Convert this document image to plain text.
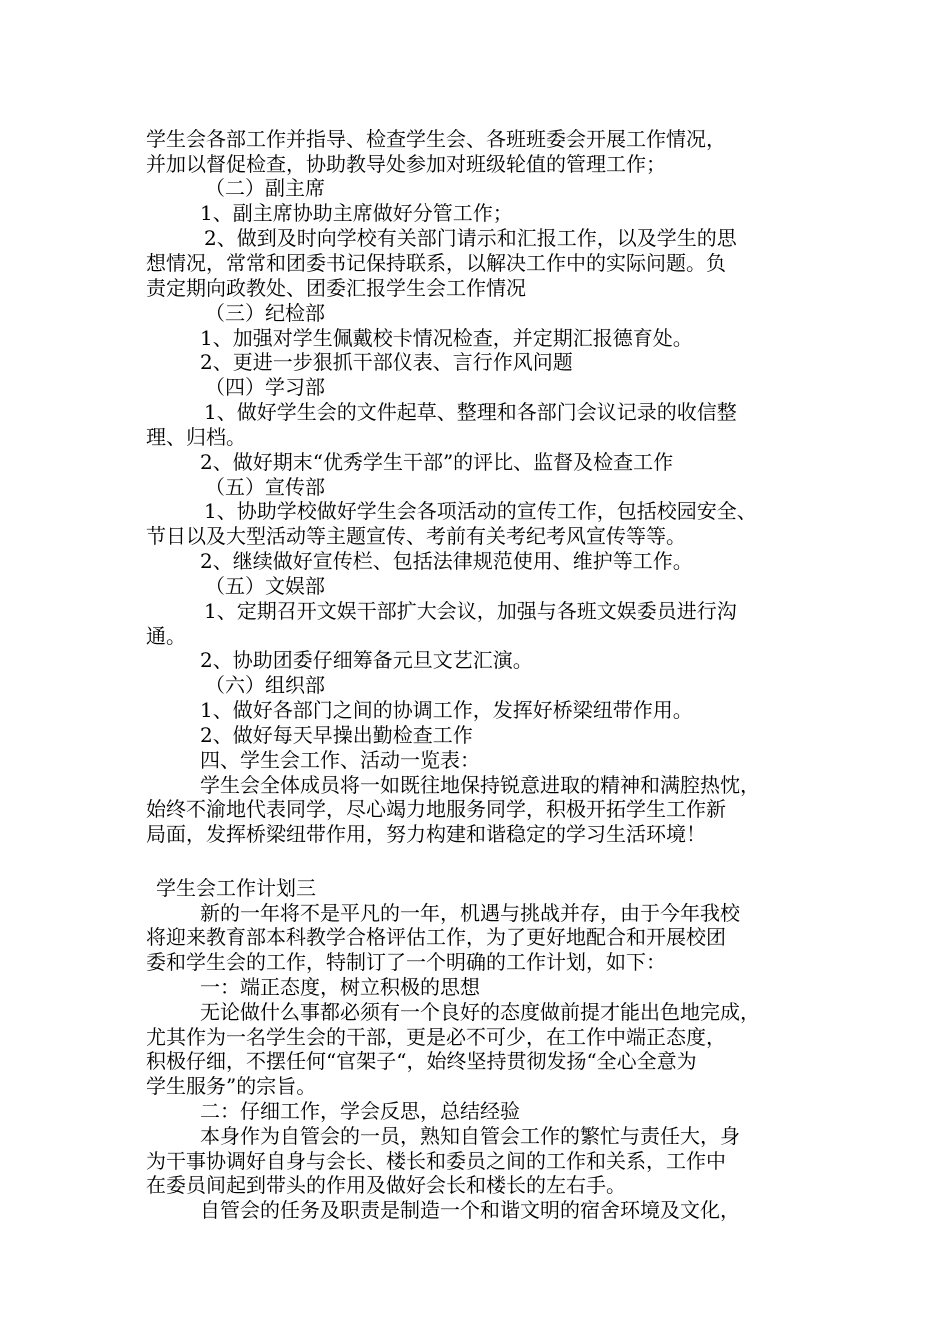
学生会各部工作并指导、检查学生会、各班班委会开展工作情况，
并加以督促检查，协助教导处参加对班级轮值的管理工作；
（二）副主席
1、副主席协助主席做好分管工作；
2、做到及时向学校有关部门请示和汇报工作，以及学生的思
想情况，常常和团委书记保持联系，以解决工作中的实际问题。负
责定期向政教处、团委汇报学生会工作情况
（三）纪检部
1、加强对学生佩戴校卡情况检查，并定期汇报德育处。
2、更进一步狠抓干部仪表、言行作风问题
（四）学习部
1、做好学生会的文件起草、整理和各部门会议记录的收信整
理、归档。
2、做好期末“优秀学生干部”的评比、监督及检查工作
（五）宣传部
1、协助学校做好学生会各项活动的宣传工作，包括校园安全、
节日以及大型活动等主题宣传、考前有关考纪考风宣传等等。
2、继续做好宣传栏、包括法律规范使用、维护等工作。
（五）文娱部
1、定期召开文娱干部扩大会议，加强与各班文娱委员进行沟
通。
2、协助团委仔细筹备元旦文艺汇演。
（六）组织部
1、做好各部门之间的协调工作，发挥好桥梁纽带作用。
2、做好每天早操出勤检查工作
四、学生会工作、活动一览表：
学生会全体成员将一如既往地保持锐意进取的精神和满腔热忱，
始终不渝地代表同学，尽心竭力地服务同学，积极开拓学生工作新
局面，发挥桥梁纽带作用，努力构建和谐稳定的学习生活环境！
学生会工作计划三
新的一年将不是平凡的一年，机遇与挑战并存，由于今年我校
将迎来教育部本科教学合格评估工作，为了更好地配合和开展校团
委和学生会的工作，特制订了一个明确的工作计划，如下：
一：端正态度，树立积极的思想
无论做什么事都必须有一个良好的态度做前提才能出色地完成，
尤其作为一名学生会的干部，更是必不可少，在工作中端正态度，
积极仔细，不摆任何“官架子“，始终坚持贯彻发扬“全心全意为
学生服务”的宗旨。
二：仔细工作，学会反思，总结经验
本身作为自管会的一员，熟知自管会工作的繁忙与责任大，身
为干事协调好自身与会长、楼长和委员之间的工作和关系，工作中
在委员间起到带头的作用及做好会长和楼长的左右手。
自管会的任务及职责是制造一个和谐文明的宿舍环境及文化，
